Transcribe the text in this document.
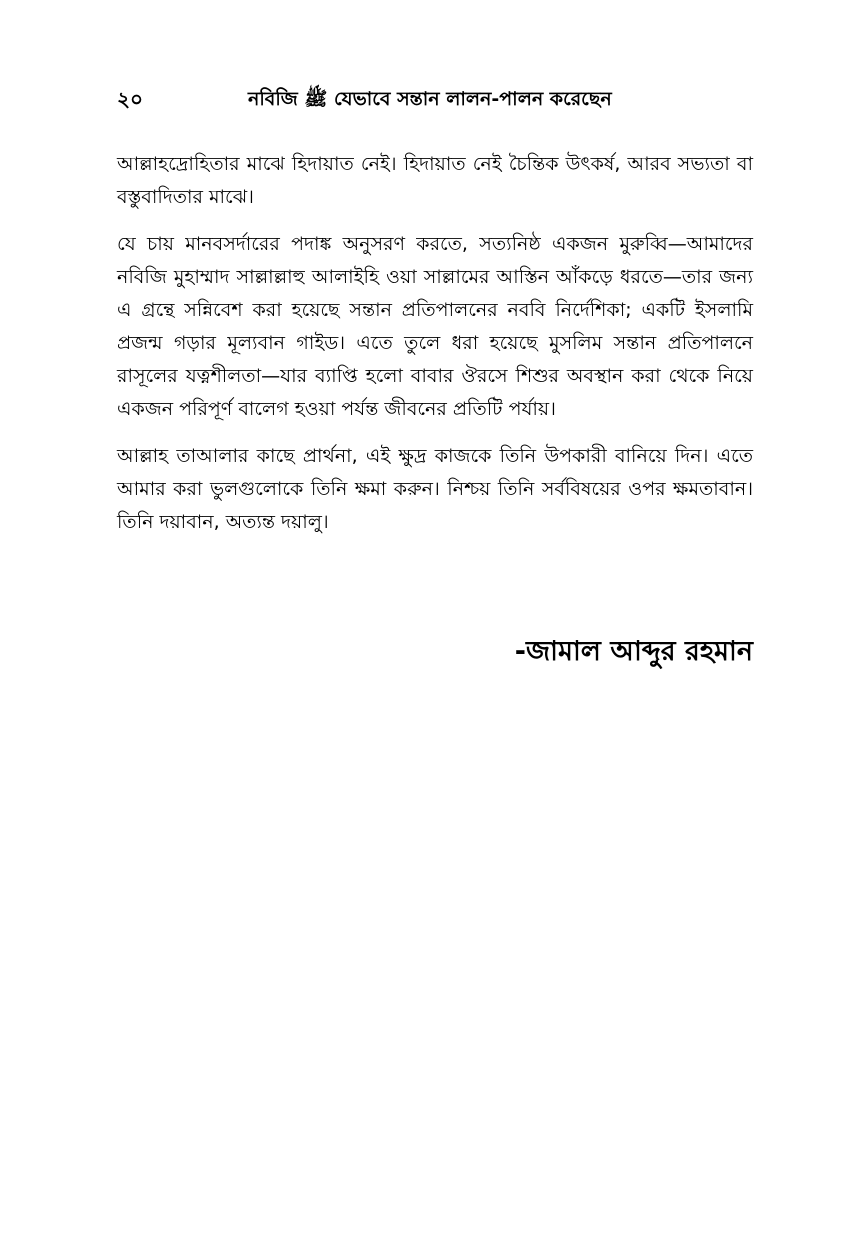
২০	নবিজি ﷺ যেভাবে সন্তান লালন-পালন করেছেন

আল্লাহদ্রোহিতার মাঝে হিদায়াত নেই। হিদায়াত নেই চৈন্তিক উৎকর্ষ, আরব সভ্যতা বা বস্তুবাদিতার মাঝে।

যে চায় মানবসর্দারের পদাঙ্ক অনুসরণ করতে, সত্যনিষ্ঠ একজন মুরুব্বি—আমাদের নবিজি মুহাম্মাদ সাল্লাল্লাহু আলাইহি ওয়া সাল্লামের আস্তিন আঁকড়ে ধরতে—তার জন্য এ গ্রন্থে সন্নিবেশ করা হয়েছে সন্তান প্রতিপালনের নববি নির্দেশিকা; একটি ইসলামি প্রজন্ম গড়ার মূল্যবান গাইড। এতে তুলে ধরা হয়েছে মুসলিম সন্তান প্রতিপালনে রাসূলের যত্নশীলতা—যার ব্যাপ্তি হলো বাবার ঔরসে শিশুর অবস্থান করা থেকে নিয়ে একজন পরিপূর্ণ বালেগ হওয়া পর্যন্ত জীবনের প্রতিটি পর্যায়।

আল্লাহ তাআলার কাছে প্রার্থনা, এই ক্ষুদ্র কাজকে তিনি উপকারী বানিয়ে দিন। এতে আমার করা ভুলগুলোকে তিনি ক্ষমা করুন। নিশ্চয় তিনি সর্ববিষয়ের ওপর ক্ষমতাবান। তিনি দয়াবান, অত্যন্ত দয়ালু।

-জামাল আব্দুর রহমান
